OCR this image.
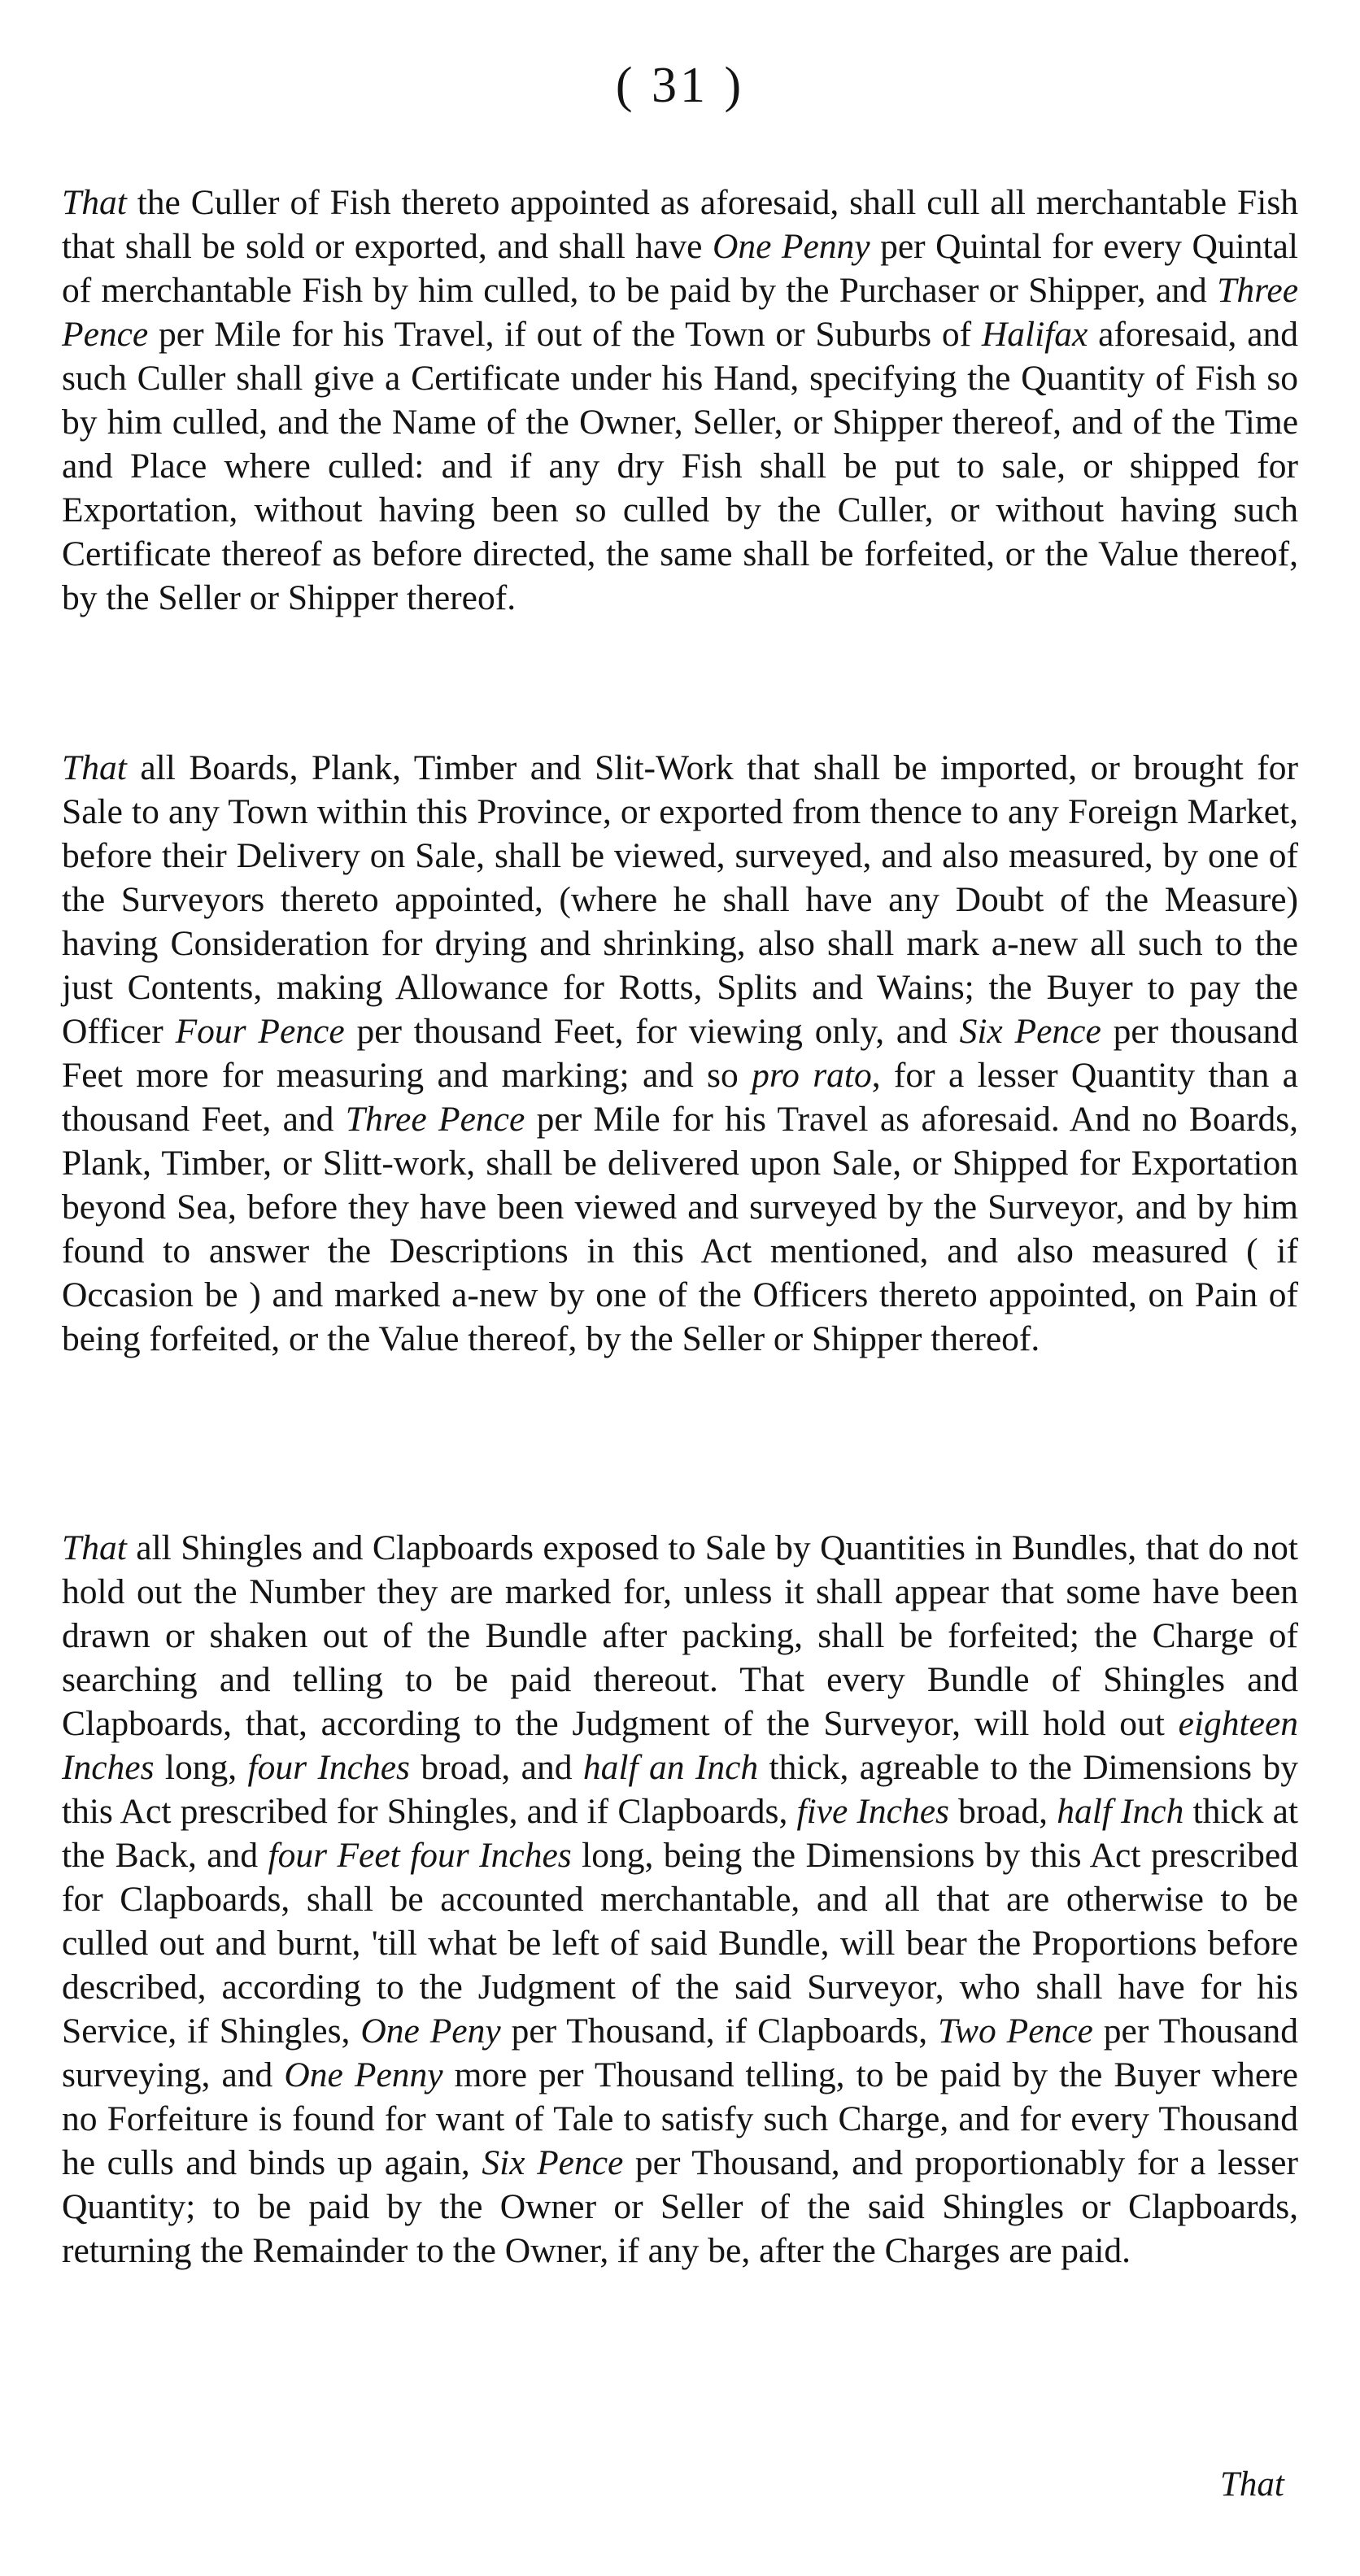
( 31 )

That the Culler of Fish thereto appointed as aforesaid, shall cull all merchantable Fish that shall be sold or exported, and shall have One Penny per Quintal for every Quintal of merchantable Fish by him culled, to be paid by the Purchaser or Shipper, and Three Pence per Mile for his Travel, if out of the Town or Suburbs of Halifax aforesaid, and such Culler shall give a Certificate under his Hand, specifying the Quantity of Fish so by him culled, and the Name of the Owner, Seller, or Shipper thereof, and of the Time and Place where culled: and if any dry Fish shall be put to sale, or shipped for Exportation, without having been so culled by the Culler, or without having such Certificate thereof as before directed, the same shall be forfeited, or the Value thereof, by the Seller or Shipper thereof.

That all Boards, Plank, Timber and Slit-Work that shall be imported, or brought for Sale to any Town within this Province, or exported from thence to any Foreign Market, before their Delivery on Sale, shall be viewed, surveyed, and also measured, by one of the Surveyors thereto appointed, (where he shall have any Doubt of the Measure) having Consideration for drying and shrinking, also shall mark a-new all such to the just Contents, making Allowance for Rotts, Splits and Wains; the Buyer to pay the Officer Four Pence per thousand Feet, for viewing only, and Six Pence per thousand Feet more for measuring and marking; and so pro rato, for a lesser Quantity than a thousand Feet, and Three Pence per Mile for his Travel as aforesaid. And no Boards, Plank, Timber, or Slitt-work, shall be delivered upon Sale, or Shipped for Exportation beyond Sea, before they have been viewed and surveyed by the Surveyor, and by him found to answer the Descriptions in this Act mentioned, and also measured ( if Occasion be ) and marked a-new by one of the Officers thereto appointed, on Pain of being forfeited, or the Value thereof, by the Seller or Shipper thereof.

That all Shingles and Clapboards exposed to Sale by Quantities in Bundles, that do not hold out the Number they are marked for, unless it shall appear that some have been drawn or shaken out of the Bundle after packing, shall be forfeited; the Charge of searching and telling to be paid thereout. That every Bundle of Shingles and Clapboards, that, according to the Judgment of the Surveyor, will hold out eighteen Inches long, four Inches broad, and half an Inch thick, agreable to the Dimensions by this Act prescribed for Shingles, and if Clapboards, five Inches broad, half Inch thick at the Back, and four Feet four Inches long, being the Dimensions by this Act prescribed for Clapboards, shall be accounted merchantable, and all that are otherwise to be culled out and burnt, 'till what be left of said Bundle, will bear the Proportions before described, according to the Judgment of the said Surveyor, who shall have for his Service, if Shingles, One Peny per Thousand, if Clapboards, Two Pence per Thousand surveying, and One Penny more per Thousand telling, to be paid by the Buyer where no Forfeiture is found for want of Tale to satisfy such Charge, and for every Thousand he culls and binds up again, Six Pence per Thousand, and proportionably for a lesser Quantity; to be paid by the Owner or Seller of the said Shingles or Clapboards, returning the Remainder to the Owner, if any be, after the Charges are paid.

That
